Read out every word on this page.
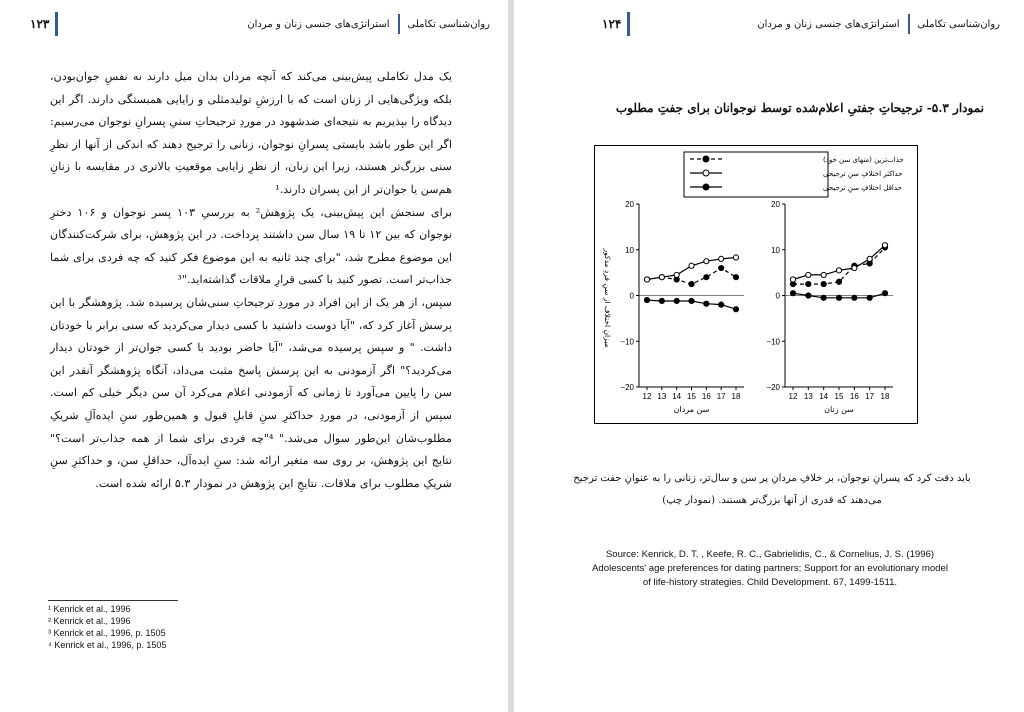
روان‌شناسی تکاملی
استراتژی‌های جنسی زنان و مردان
۱۲۳

یک مدل تکاملی پیش‌بینی می‌کند که آنچه مردان بدان میل دارند نه نفسِ جوان‌بودن، بلکه ویژگی‌هایی از زنان است که با ارزشِ تولیدمثلی و زایایی همبستگی دارند. اگر این دیدگاه را بپذیریم به نتیجه‌ای ضدشهود در موردِ ترجیحاتِ سنیِ پسرانِ نوجوان می‌رسیم: اگر این طور باشد بایستی پسرانِ نوجوان، زنانی را ترجیح دهند که اندکی از آنها از نظرِ سنی بزرگ‌تر هستند، زیرا این زنان، از نظرِ زایایی موقعیتِ بالاتری در مقایسه با زنانِ هم‌سن یا جوان‌تر از این پسران دارند.¹

برای سنجش این پیش‌بینی، یک پژوهش² به بررسیِ ۱۰۳ پسر نوجوان و ۱۰۶ دخترِ نوجوان که بین ۱۲ تا ۱۹ سال سن داشتند پرداخت. در این پژوهش، برای شرکت‌کنندگان این موضوع مطرح شد، "برای چند ثانیه به این موضوع فکر کنید که چه فردی برای شما جذاب‌تر است. تصور کنید با کسی قرارِ ملاقات گذاشته‌اید."³

سپس، از هر یک از این افراد در موردِ ترجیحاتِ سنی‌شان پرسیده شد. پژوهشگر با این پرسش آغاز کرد که، "آیا دوست داشتید با کسی دیدار می‌کردید که سنی برابر با خودتان داشت. " و سپس پرسیده می‌شد، "آیا حاضر بودید با کسی جوان‌تر از خودتان دیدار می‌کردید؟" اگر آزمودنی به این پرسش پاسخ مثبت می‌داد، آنگاه پژوهشگر آنقدر این سن را پایین می‌آورد تا زمانی که آزمودنی اعلام می‌کرد آن سن دیگر خیلی کم است. سپس از آزمودنی، در موردِ حداکثرِ سنِ قابلِ قبول و همین‌طور سنِ ایده‌آلِ شریکِ مطلوب‌شان این‌طور سوال می‌شد." ⁴"چه فردی برای شما از همه جذاب‌تر است؟" نتایج این پژوهش، بر روی سه متغیر ارائه شد: سنِ ایده‌آل، حداقلِ سن، و حداکثرِ سنِ شریکِ مطلوب برای ملاقات. نتایجِ این پژوهش در نمودار ۵.۳ ارائه شده است.

¹ Kenrick et al., 1996
² Kenrick et al., 1996
³ Kenrick et al., 1996, p. 1505
⁴ Kenrick et al., 1996, p. 1505
روان‌شناسی تکاملی
استراتژی‌های جنسی زنان و مردان
۱۲۴
نمودار ۵.۳- ترجیحاتِ جفتیِ اعلام‌شده توسط نوجوانان برای جفتِ مطلوب
جذاب‌ترین (منهای سن خود)
حداکثر اختلافِ سنِ ترجیحی
حداقل اختلافِ سنِ ترجیحی
میزانِ اختلاف از سنِ فردِ مذکور
−20
−10
0
10
20
12 13 14 15 16 17 18
سن مردان
−20
−10
0
10
20
12 13 14 15 16 17 18
سن زنان
باید دقت کرد که پسرانِ نوجوان، بر خلافِ مردانِ پر سن و سال‌تر، زنانی را به عنوانِ جفت ترجیح
می‌دهند که قدری از آنها بزرگ‌تر هستند. (نمودار چپ)
Source: Kenrick, D. T. , Keefe, R. C., Gabrielidis, C., & Cornelius, J. S. (1996)
Adolescents' age preferences for dating partners; Support for an evolutionary model
of life-history strategies. Child Development. 67, 1499-1511.
